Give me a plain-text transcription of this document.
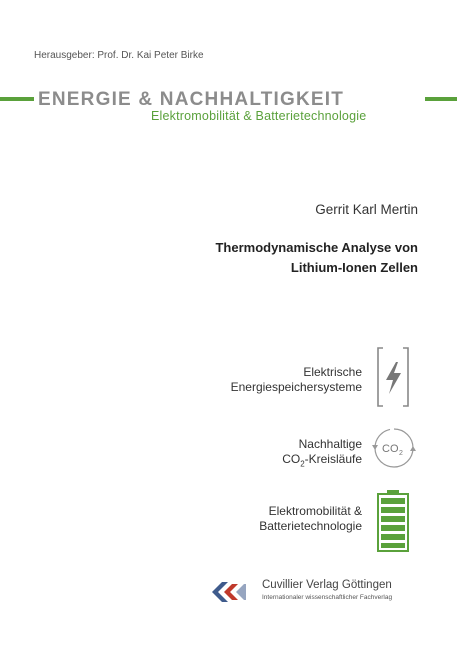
Herausgeber: Prof. Dr. Kai Peter Birke
ENERGIE & NACHHALTIGKEIT
Elektromobilität & Batterietechnologie
Gerrit Karl Mertin
Thermodynamische Analyse von
Lithium-Ionen Zellen
Elektrische
Energiespeichersysteme
Nachhaltige
$CO_2$-Kreisläufe
CO 2
Elektromobilität &
Batterietechnologie
Cuvillier Verlag Göttingen
Internationaler wissenschaftlicher Fachverlag
